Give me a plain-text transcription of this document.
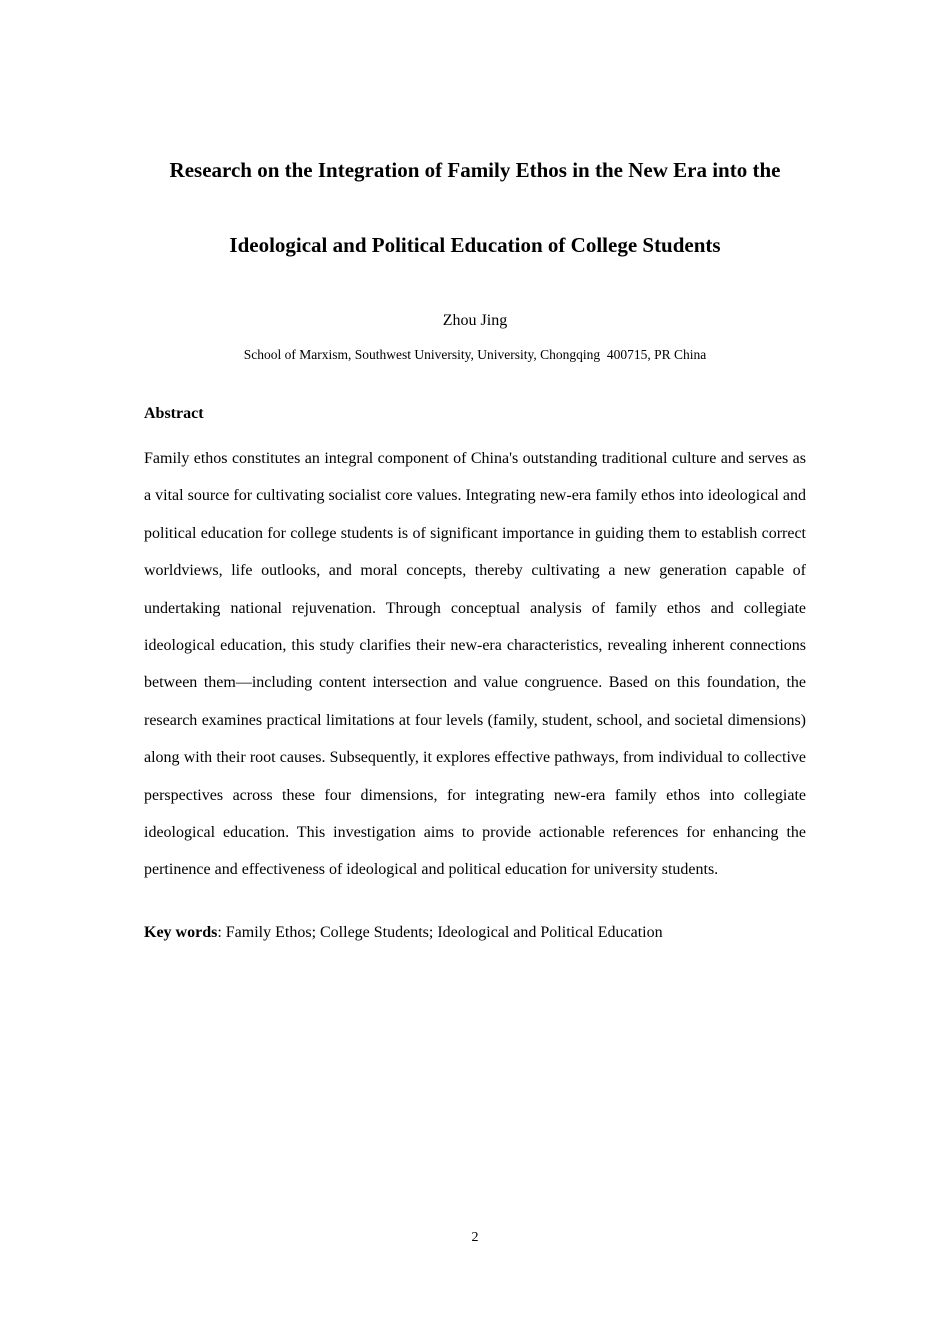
Research on the Integration of Family Ethos in the New Era into the
Ideological and Political Education of College Students
Zhou Jing
School of Marxism, Southwest University, University, Chongqing  400715, PR China
Abstract

Family ethos constitutes an integral component of China's outstanding traditional culture and serves as a vital source for cultivating socialist core values. Integrating new-era family ethos into ideological and political education for college students is of significant importance in guiding them to establish correct worldviews, life outlooks, and moral concepts, thereby cultivating a new generation capable of undertaking national rejuvenation. Through conceptual analysis of family ethos and collegiate ideological education, this study clarifies their new-era characteristics, revealing inherent connections between them—including content intersection and value congruence. Based on this foundation, the research examines practical limitations at four levels (family, student, school, and societal dimensions) along with their root causes. Subsequently, it explores effective pathways, from individual to collective perspectives across these four dimensions, for integrating new-era family ethos into collegiate ideological education. This investigation aims to provide actionable references for enhancing the pertinence and effectiveness of ideological and political education for university students.

Key words: Family Ethos; College Students; Ideological and Political Education
2
